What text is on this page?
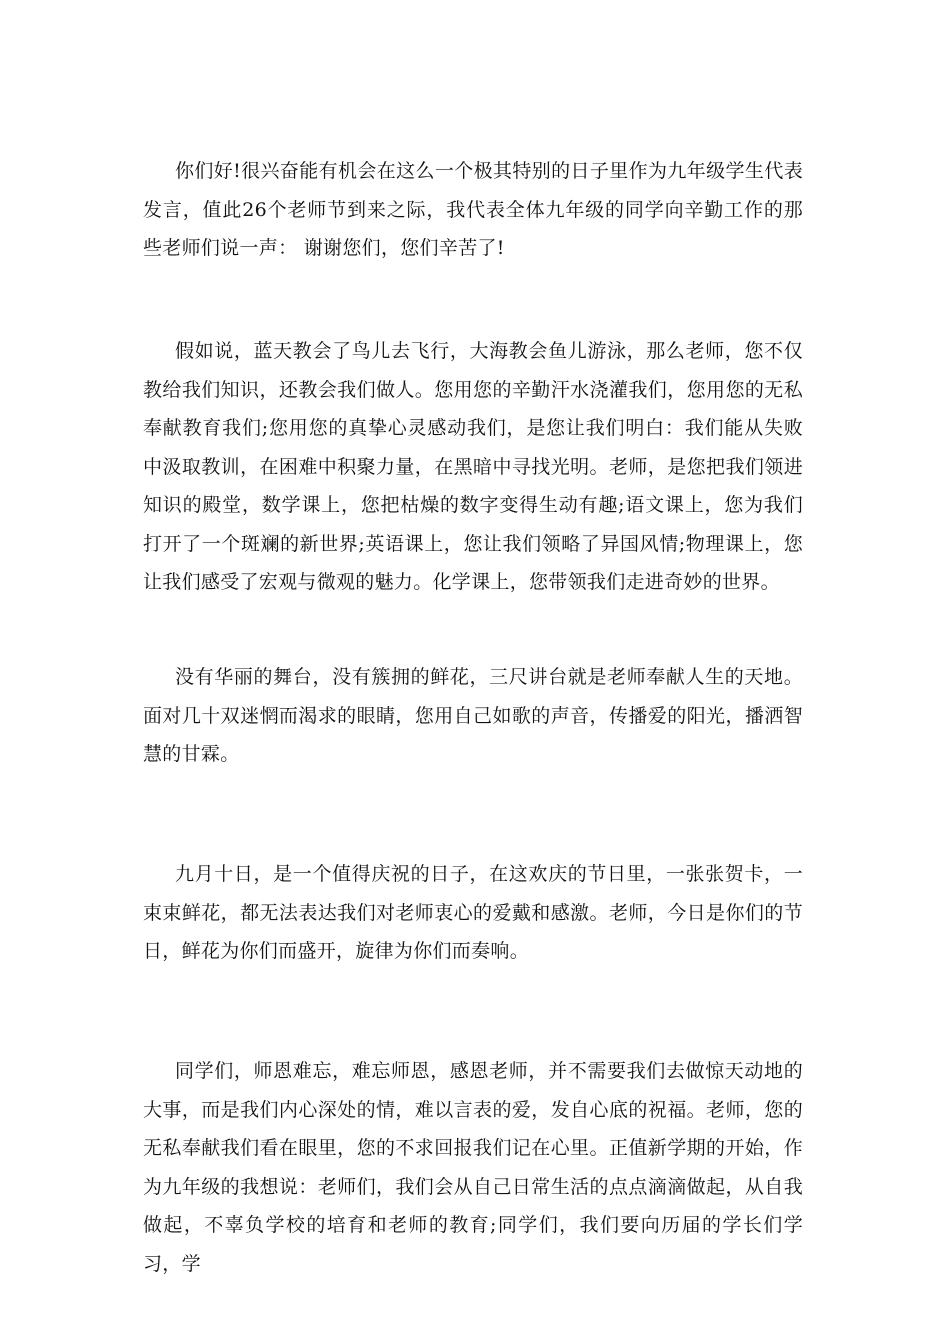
你们好!很兴奋能有机会在这么一个极其特别的日子里作为九年级学生代表发言，值此26个老师节到来之际，我代表全体九年级的同学向辛勤工作的那些老师们说一声： 谢谢您们，您们辛苦了!

假如说，蓝天教会了鸟儿去飞行，大海教会鱼儿游泳，那么老师，您不仅教给我们知识，还教会我们做人。您用您的辛勤汗水浇灌我们，您用您的无私奉献教育我们;您用您的真挚心灵感动我们，是您让我们明白：我们能从失败中汲取教训，在困难中积聚力量，在黑暗中寻找光明。老师，是您把我们领进知识的殿堂，数学课上，您把枯燥的数字变得生动有趣;语文课上，您为我们打开了一个斑斓的新世界;英语课上，您让我们领略了异国风情;物理课上，您让我们感受了宏观与微观的魅力。化学课上，您带领我们走进奇妙的世界。

没有华丽的舞台，没有簇拥的鲜花，三尺讲台就是老师奉献人生的天地。面对几十双迷惘而渴求的眼睛，您用自己如歌的声音，传播爱的阳光，播洒智慧的甘霖。

九月十日，是一个值得庆祝的日子，在这欢庆的节日里，一张张贺卡，一束束鲜花，都无法表达我们对老师衷心的爱戴和感激。老师，今日是你们的节日，鲜花为你们而盛开，旋律为你们而奏响。

同学们，师恩难忘，难忘师恩，感恩老师，并不需要我们去做惊天动地的大事，而是我们内心深处的情，难以言表的爱，发自心底的祝福。老师，您的无私奉献我们看在眼里，您的不求回报我们记在心里。正值新学期的开始，作为九年级的我想说：老师们，我们会从自己日常生活的点点滴滴做起，从自我做起，不辜负学校的培育和老师的教育;同学们，我们要向历届的学长们学习，学
